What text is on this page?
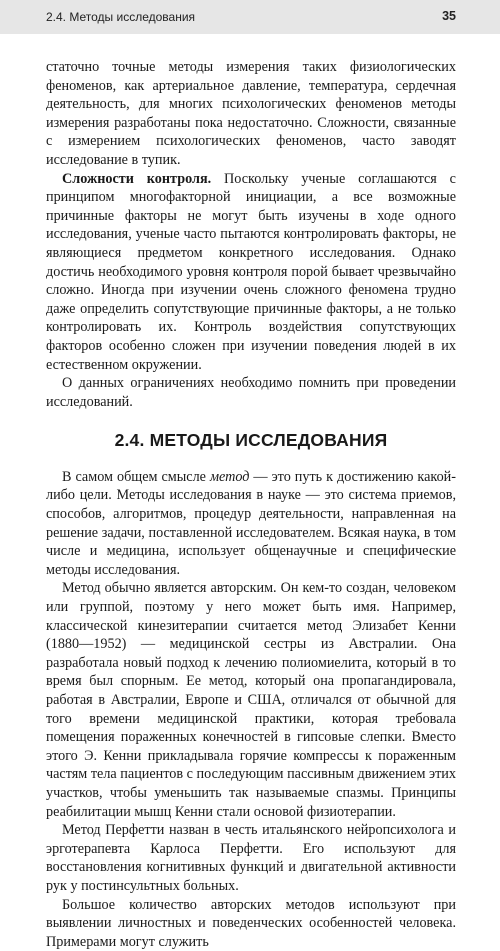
2.4. Методы исследования	35

статочно точные методы измерения таких физиологических феноменов, как артериальное давление, температура, сердечная деятельность, для многих психологических феноменов методы измерения разработаны пока недостаточно. Сложности, связанные с измерением психологических феноменов, часто заводят исследование в тупик.

Сложности контроля. Поскольку ученые соглашаются с принципом многофакторной инициации, а все возможные причинные факторы не могут быть изучены в ходе одного исследования, ученые часто пытаются контролировать факторы, не являющиеся предметом конкретного исследования. Однако достичь необходимого уровня контроля порой бывает чрезвычайно сложно. Иногда при изучении очень сложного феномена трудно даже определить сопутствующие причинные факторы, а не только контролировать их. Контроль воздействия сопутствующих факторов особенно сложен при изучении поведения людей в их естественном окружении.

О данных ограничениях необходимо помнить при проведении исследований.

2.4. МЕТОДЫ ИССЛЕДОВАНИЯ

В самом общем смысле метод — это путь к достижению какой-либо цели. Методы исследования в науке — это система приемов, способов, алгоритмов, процедур деятельности, направленная на решение задачи, поставленной исследователем. Всякая наука, в том числе и медицина, использует общенаучные и специфические методы исследования.

Метод обычно является авторским. Он кем-то создан, человеком или группой, поэтому у него может быть имя. Например, классической кинезитерапии считается метод Элизабет Кенни (1880—1952) — медицинской сестры из Австралии. Она разработала новый подход к лечению полиомиелита, который в то время был спорным. Ее метод, который она пропагандировала, работая в Австралии, Европе и США, отличался от обычной для того времени медицинской практики, которая требовала помещения пораженных конечностей в гипсовые слепки. Вместо этого Э. Кенни прикладывала горячие компрессы к пораженным частям тела пациентов с последующим пассивным движением этих участков, чтобы уменьшить так называемые спазмы. Принципы реабилитации мышц Кенни стали основой физиотерапии.

Метод Перфетти назван в честь итальянского нейропсихолога и эрготерапевта Карлоса Перфетти. Его используют для восстановления когнитивных функций и двигательной активности рук у постинсультных больных.

Большое количество авторских методов используют при выявлении личностных и поведенческих особенностей человека. Примерами могут служить
